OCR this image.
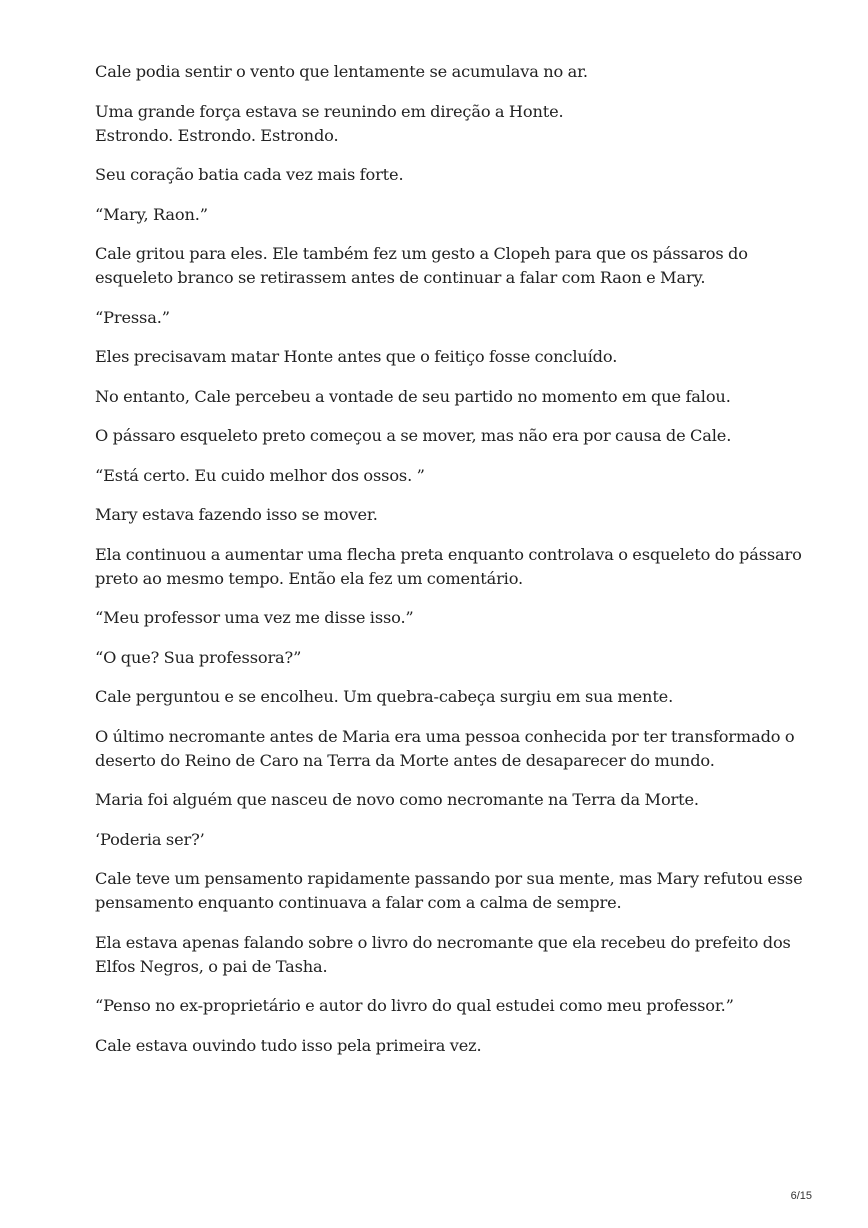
Cale podia sentir o vento que lentamente se acumulava no ar.

Uma grande força estava se reunindo em direção a Honte.
Estrondo. Estrondo. Estrondo.

Seu coração batia cada vez mais forte.

“Mary, Raon.”

Cale gritou para eles. Ele também fez um gesto a Clopeh para que os pássaros do
esqueleto branco se retirassem antes de continuar a falar com Raon e Mary.

“Pressa.”

Eles precisavam matar Honte antes que o feitiço fosse concluído.

No entanto, Cale percebeu a vontade de seu partido no momento em que falou.

O pássaro esqueleto preto começou a se mover, mas não era por causa de Cale.

“Está certo. Eu cuido melhor dos ossos. ”

Mary estava fazendo isso se mover.

Ela continuou a aumentar uma flecha preta enquanto controlava o esqueleto do pássaro
preto ao mesmo tempo. Então ela fez um comentário.

“Meu professor uma vez me disse isso.”

“O que? Sua professora?”

Cale perguntou e se encolheu. Um quebra-cabeça surgiu em sua mente.

O último necromante antes de Maria era uma pessoa conhecida por ter transformado o
deserto do Reino de Caro na Terra da Morte antes de desaparecer do mundo.

Maria foi alguém que nasceu de novo como necromante na Terra da Morte.

‘Poderia ser?’

Cale teve um pensamento rapidamente passando por sua mente, mas Mary refutou esse
pensamento enquanto continuava a falar com a calma de sempre.

Ela estava apenas falando sobre o livro do necromante que ela recebeu do prefeito dos
Elfos Negros, o pai de Tasha.

“Penso no ex-proprietário e autor do livro do qual estudei como meu professor.”

Cale estava ouvindo tudo isso pela primeira vez.

6/15
